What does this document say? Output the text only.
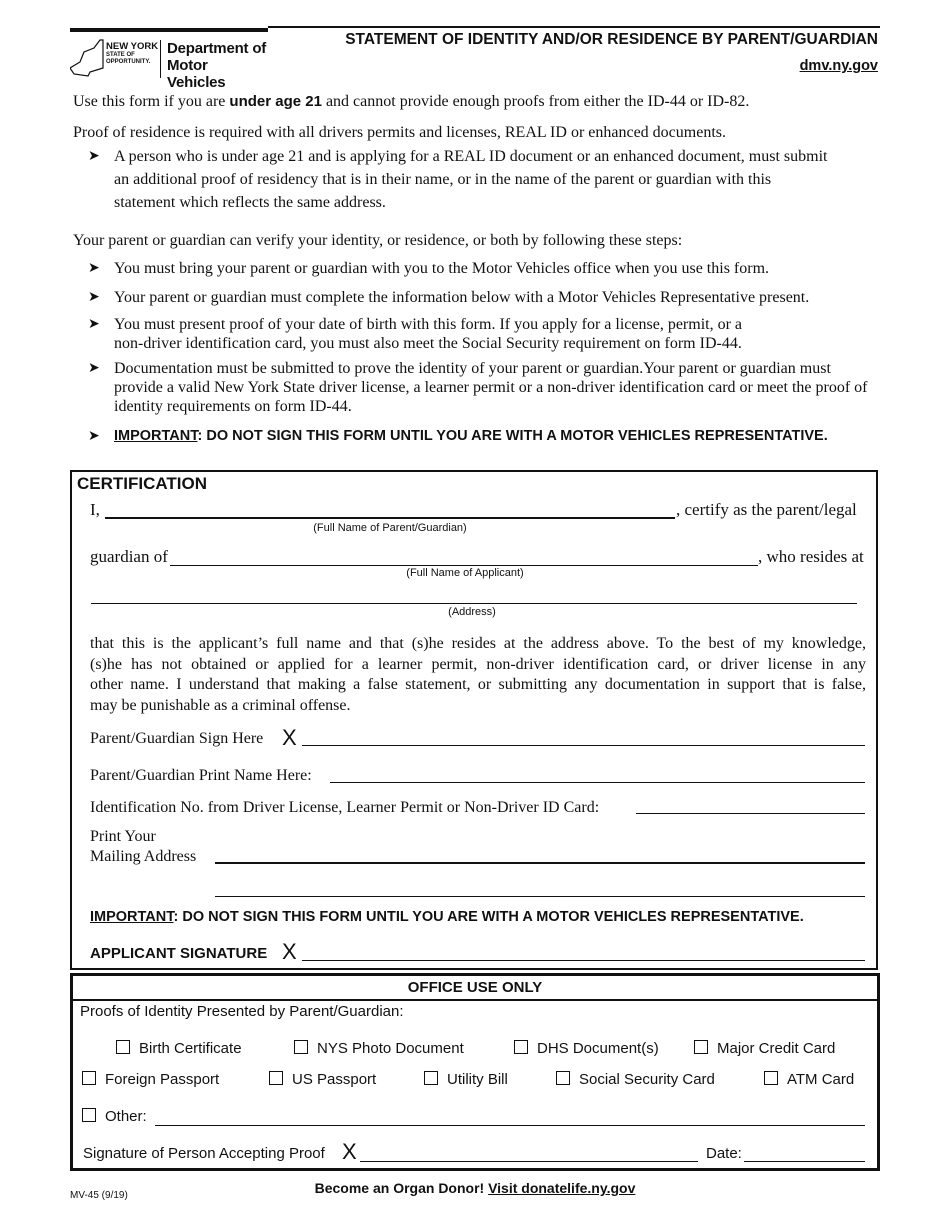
NEW YORK
STATE OF
OPPORTUNITY.
Department of
Motor Vehicles
STATEMENT OF IDENTITY AND/OR RESIDENCE BY PARENT/GUARDIAN
dmv.ny.gov
Use this form if you are under age 21 and cannot provide enough proofs from either the ID-44 or ID-82.
Proof of residence is required with all drivers permits and licenses, REAL ID or enhanced documents.
➤ A person who is under age 21 and is applying for a REAL ID document or an enhanced document, must submit
an additional proof of residency that is in their name, or in the name of the parent or guardian with this
statement which reflects the same address.
Your parent or guardian can verify your identity, or residence, or both by following these steps:
➤ You must bring your parent or guardian with you to the Motor Vehicles office when you use this form.
➤ Your parent or guardian must complete the information below with a Motor Vehicles Representative present.
➤ You must present proof of your date of birth with this form. If you apply for a license, permit, or a
non-driver identification card, you must also meet the Social Security requirement on form ID-44.
➤ Documentation must be submitted to prove the identity of your parent or guardian.Your parent or guardian must
provide a valid New York State driver license, a learner permit or a non-driver identification card or meet the proof of
identity requirements on form ID-44.
➤ IMPORTANT: DO NOT SIGN THIS FORM UNTIL YOU ARE WITH A MOTOR VEHICLES REPRESENTATIVE.
CERTIFICATION
I,	, certify as the parent/legal
(Full Name of Parent/Guardian)
guardian of	, who resides at
(Full Name of Applicant)
(Address)
that this is the applicant’s full name and that (s)he resides at the address above. To the best of my knowledge,
(s)he has not obtained or applied for a learner permit, non-driver identification card, or driver license in any
other name. I understand that making a false statement, or submitting any documentation in support that is false,
may be punishable as a criminal offense.
Parent/Guardian Sign Here X
Parent/Guardian Print Name Here:
Identification No. from Driver License, Learner Permit or Non-Driver ID Card:
Print Your
Mailing Address
IMPORTANT: DO NOT SIGN THIS FORM UNTIL YOU ARE WITH A MOTOR VEHICLES REPRESENTATIVE.
APPLICANT SIGNATURE X
OFFICE USE ONLY
Proofs of Identity Presented by Parent/Guardian:
Birth Certificate	NYS Photo Document	DHS Document(s)	Major Credit Card
Foreign Passport	US Passport	Utility Bill	Social Security Card	ATM Card
Other:
Signature of Person Accepting Proof X	Date:
MV-45 (9/19)	Become an Organ Donor! Visit donatelife.ny.gov
